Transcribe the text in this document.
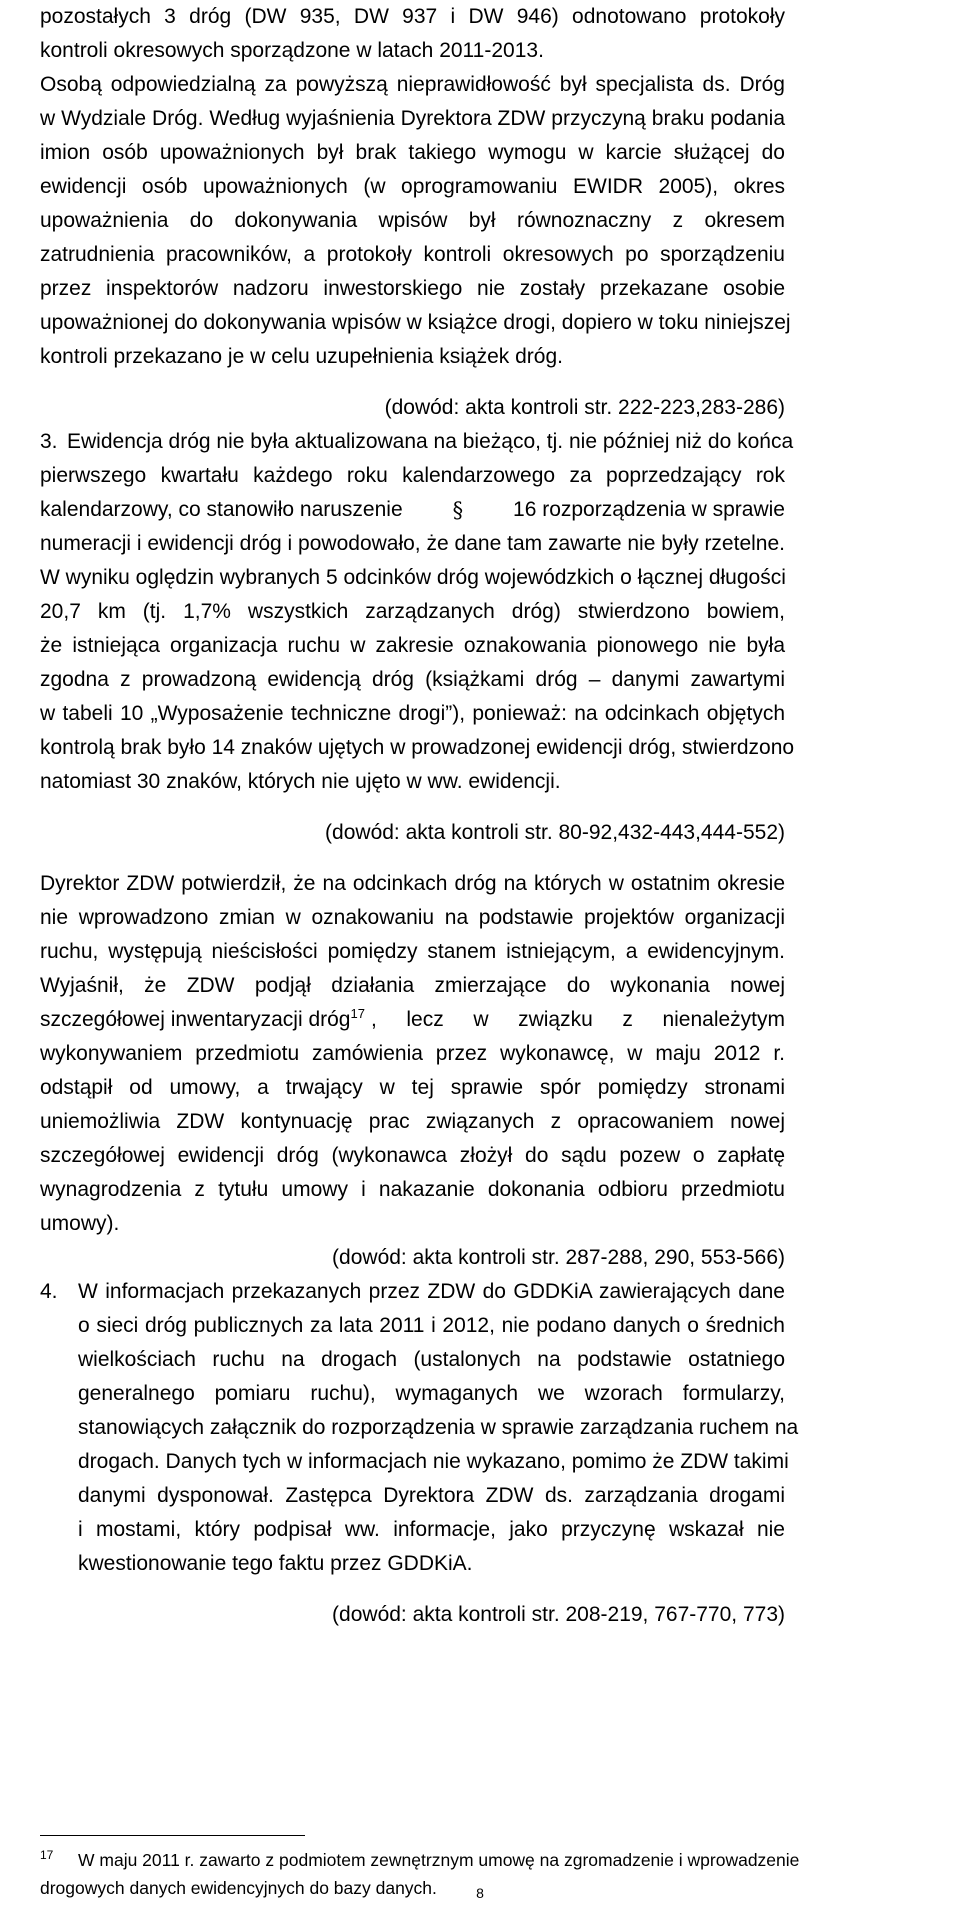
pozostałych 3 dróg (DW 935, DW 937 i DW 946) odnotowano protokoły
kontroli okresowych sporządzone w latach 2011-2013.
Osobą odpowiedzialną za powyższą nieprawidłowość był specjalista ds. Dróg
w Wydziale Dróg. Według wyjaśnienia Dyrektora ZDW przyczyną braku podania
imion osób upoważnionych był brak takiego wymogu w karcie służącej do
ewidencji osób upoważnionych (w oprogramowaniu EWIDR 2005), okres
upoważnienia do dokonywania wpisów był równoznaczny z okresem
zatrudnienia pracowników, a protokoły kontroli okresowych po sporządzeniu
przez inspektorów nadzoru inwestorskiego nie zostały przekazane osobie
upoważnionej do dokonywania wpisów w książce drogi, dopiero w toku niniejszej
kontroli przekazano je w celu uzupełnienia książek dróg.
(dowód: akta kontroli str. 222-223,283-286)
3. Ewidencja dróg nie była aktualizowana na bieżąco, tj. nie później niż do końca
pierwszego kwartału każdego roku kalendarzowego za poprzedzający rok
kalendarzowy, co stanowiło naruszenie § 16 rozporządzenia w sprawie
numeracji i ewidencji dróg i powodowało, że dane tam zawarte nie były rzetelne.
W wyniku oględzin wybranych 5 odcinków dróg wojewódzkich o łącznej długości
20,7 km (tj. 1,7% wszystkich zarządzanych dróg) stwierdzono bowiem,
że istniejąca organizacja ruchu w zakresie oznakowania pionowego nie była
zgodna z prowadzoną ewidencją dróg (książkami dróg – danymi zawartymi
w tabeli 10 „Wyposażenie techniczne drogi”), ponieważ: na odcinkach objętych
kontrolą brak było 14 znaków ujętych w prowadzonej ewidencji dróg, stwierdzono
natomiast 30 znaków, których nie ujęto w ww. ewidencji.
(dowód: akta kontroli str. 80-92,432-443,444-552)
Dyrektor ZDW potwierdził, że na odcinkach dróg na których w ostatnim okresie
nie wprowadzono zmian w oznakowaniu na podstawie projektów organizacji
ruchu, występują nieścisłości pomiędzy stanem istniejącym, a ewidencyjnym.
Wyjaśnił, że ZDW podjął działania zmierzające do wykonania nowej
szczegółowej inwentaryzacji dróg$^{17}$ , lecz w związku z nienależytym
wykonywaniem przedmiotu zamówienia przez wykonawcę, w maju 2012 r.
odstąpił od umowy, a trwający w tej sprawie spór pomiędzy stronami
uniemożliwia ZDW kontynuację prac związanych z opracowaniem nowej
szczegółowej ewidencji dróg (wykonawca złożył do sądu pozew o zapłatę
wynagrodzenia z tytułu umowy i nakazanie dokonania odbioru przedmiotu
umowy).
(dowód: akta kontroli str. 287-288, 290, 553-566)
4. W informacjach przekazanych przez ZDW do GDDKiA zawierających dane
o sieci dróg publicznych za lata 2011 i 2012, nie podano danych o średnich
wielkościach ruchu na drogach (ustalonych na podstawie ostatniego
generalnego pomiaru ruchu), wymaganych we wzorach formularzy,
stanowiących załącznik do rozporządzenia w sprawie zarządzania ruchem na
drogach. Danych tych w informacjach nie wykazano, pomimo że ZDW takimi
danymi dysponował. Zastępca Dyrektora ZDW ds. zarządzania drogami
i mostami, który podpisał ww. informacje, jako przyczynę wskazał nie
kwestionowanie tego faktu przez GDDKiA.
(dowód: akta kontroli str. 208-219, 767-770, 773)
17	W maju 2011 r. zawarto z podmiotem zewnętrznym umowę na zgromadzenie i wprowadzenie
drogowych danych ewidencyjnych do bazy danych.	8
